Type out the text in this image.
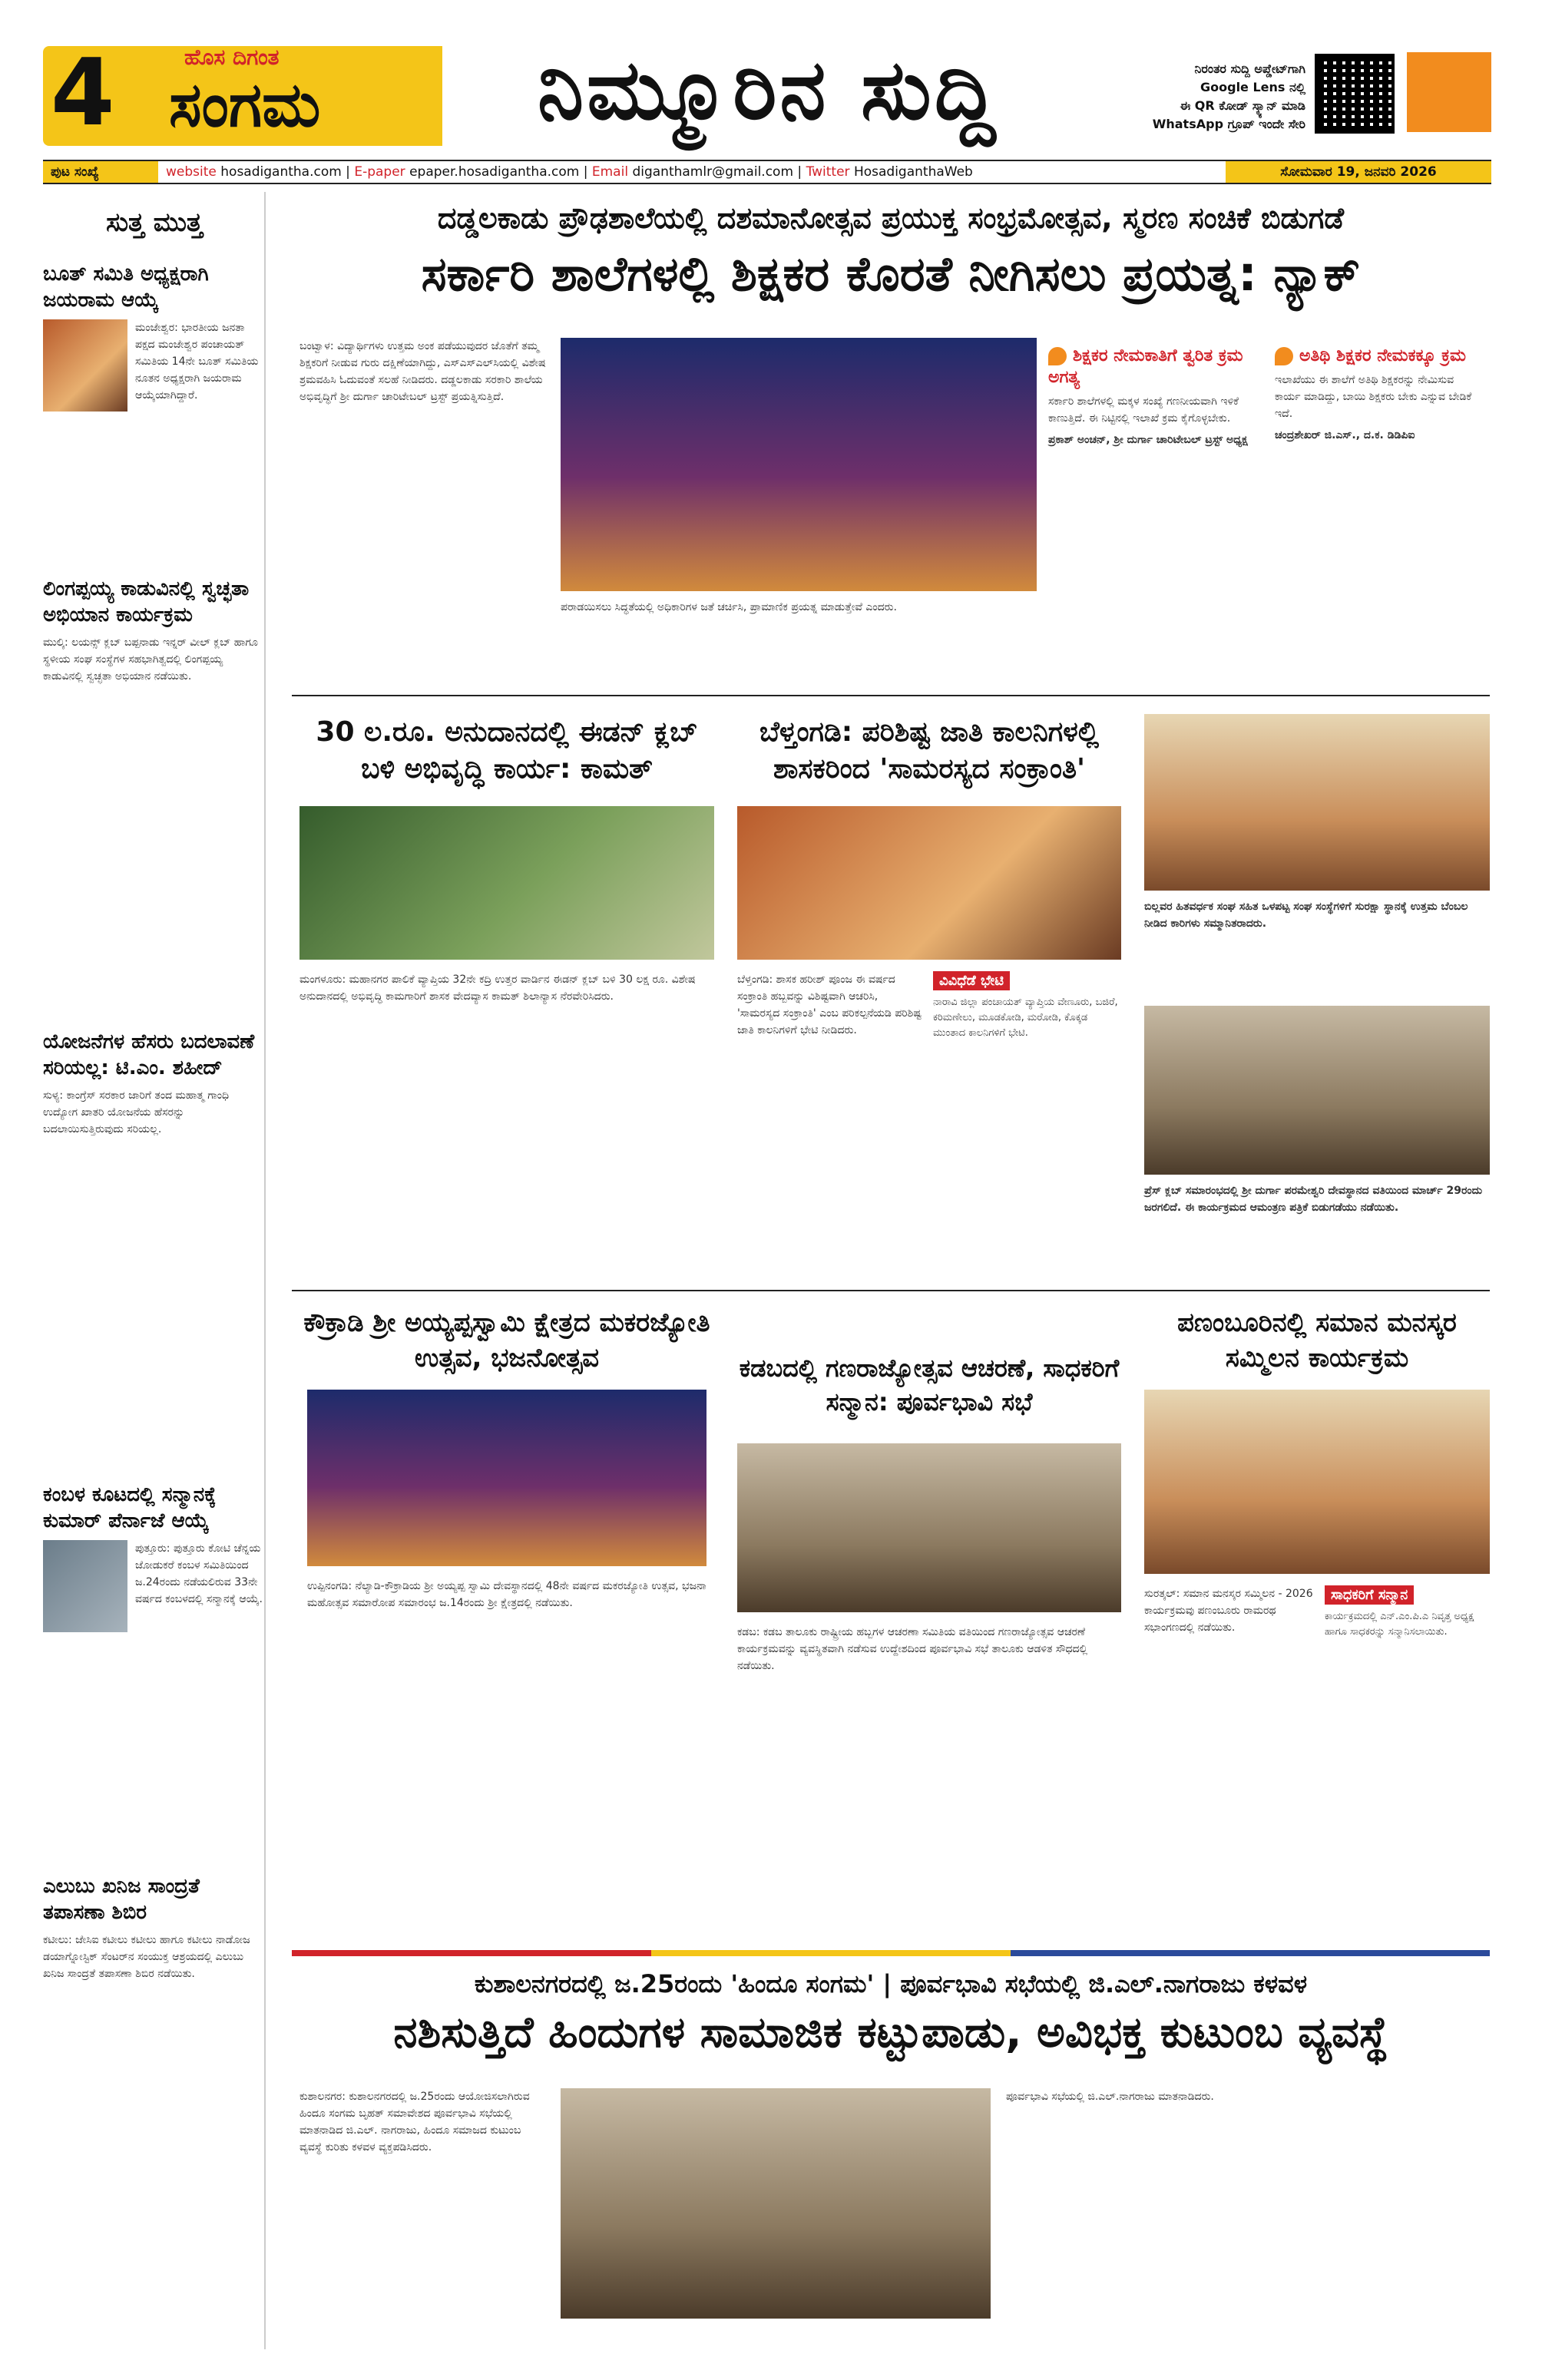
4	ಹೊಸ ದಿಗಂತ
ಸಂಗಮ	ನಿಮ್ಮೂರಿನ ಸುದ್ದಿ	ನಿರಂತರ ಸುದ್ದಿ ಅಪ್ಡೇಟ್‌ಗಾಗಿ
Google Lens ನಲ್ಲಿ
ಈ QR ಕೋಡ್ ಸ್ಕ್ಯಾನ್ ಮಾಡಿ
WhatsApp ಗ್ರೂಪ್ ಇಂದೇ ಸೇರಿ
ಪುಟ ಸಂಖ್ಯೆ	website hosadigantha.com | E-paper epaper.hosadigantha.com | Email diganthamlr@gmail.com | Twitter HosadiganthaWeb	ಸೋಮವಾರ 19, ಜನವರಿ 2026
ಸುತ್ತ ಮುತ್ತ
ಬೂತ್ ಸಮಿತಿ ಅಧ್ಯಕ್ಷರಾಗಿ ಜಯರಾಮ ಆಯ್ಕೆ

ಮಂಜೇಶ್ವರ: ಭಾರತೀಯ ಜನತಾ ಪಕ್ಷದ ಮಂಜೇಶ್ವರ ಪಂಚಾಯತ್ ಸಮಿತಿಯ 14ನೇ ಬೂತ್ ಸಮಿತಿಯ ನೂತನ ಅಧ್ಯಕ್ಷರಾಗಿ ಜಯರಾಮ ಆಯ್ಕೆಯಾಗಿದ್ದಾರೆ.

ಲಿಂಗಪ್ಪಯ್ಯ ಕಾಡುವಿನಲ್ಲಿ ಸ್ವಚ್ಛತಾ ಅಭಿಯಾನ ಕಾರ್ಯಕ್ರಮ

ಮುಲ್ಕಿ: ಲಯನ್ಸ್ ಕ್ಲಬ್ ಬಪ್ಪನಾಡು ಇನ್ನರ್ ವೀಲ್ ಕ್ಲಬ್ ಹಾಗೂ ಸ್ಥಳೀಯ ಸಂಘ ಸಂಸ್ಥೆಗಳ ಸಹಭಾಗಿತ್ವದಲ್ಲಿ ಲಿಂಗಪ್ಪಯ್ಯ ಕಾಡುವಿನಲ್ಲಿ ಸ್ವಚ್ಛತಾ ಅಭಿಯಾನ ನಡೆಯಿತು.

ಯೋಜನೆಗಳ ಹೆಸರು ಬದಲಾವಣೆ ಸರಿಯಲ್ಲ: ಟಿ.ಎಂ. ಶಹೀದ್

ಸುಳ್ಯ: ಕಾಂಗ್ರೆಸ್ ಸರಕಾರ ಜಾರಿಗೆ ತಂದ ಮಹಾತ್ಮ ಗಾಂಧಿ ಉದ್ಯೋಗ ಖಾತರಿ ಯೋಜನೆಯ ಹೆಸರನ್ನು ಬದಲಾಯಿಸುತ್ತಿರುವುದು ಸರಿಯಲ್ಲ.

ಕಂಬಳ ಕೂಟದಲ್ಲಿ ಸನ್ಮಾನಕ್ಕೆ ಕುಮಾರ್ ಪೆರ್ನಾಜೆ ಆಯ್ಕೆ

ಪುತ್ತೂರು: ಪುತ್ತೂರು ಕೋಟಿ ಚೆನ್ನಯ ಜೋಡುಕರೆ ಕಂಬಳ ಸಮಿತಿಯಿಂದ ಜ.24ರಂದು ನಡೆಯಲಿರುವ 33ನೇ ವರ್ಷದ ಕಂಬಳದಲ್ಲಿ ಸನ್ಮಾನಕ್ಕೆ ಆಯ್ಕೆ.

ಎಲುಬು ಖನಿಜ ಸಾಂದ್ರತೆ ತಪಾಸಣಾ ಶಿಬಿರ

ಕಟೀಲು: ಜೇಸಿಐ ಕಟೀಲು ಕಟೀಲು ಹಾಗೂ ಕಟೀಲು ನಾಡೋಜ ಡಯಾಗ್ನೋಸ್ಟಿಕ್ ಸೆಂಟರ್‌ನ ಸಂಯುಕ್ತ ಆಶ್ರಯದಲ್ಲಿ ಎಲುಬು ಖನಿಜ ಸಾಂದ್ರತೆ ತಪಾಸಣಾ ಶಿಬಿರ ನಡೆಯಿತು.

ದಡ್ಡಲಕಾಡು ಪ್ರೌಢಶಾಲೆಯಲ್ಲಿ ದಶಮಾನೋತ್ಸವ ಪ್ರಯುಕ್ತ ಸಂಭ್ರಮೋತ್ಸವ, ಸ್ಮರಣ ಸಂಚಿಕೆ ಬಿಡುಗಡೆ
ಸರ್ಕಾರಿ ಶಾಲೆಗಳಲ್ಲಿ ಶಿಕ್ಷಕರ ಕೊರತೆ ನೀಗಿಸಲು ಪ್ರಯತ್ನ: ನ್ಯಾಕ್
ಬಂಟ್ವಾಳ: ವಿದ್ಯಾರ್ಥಿಗಳು ಉತ್ತಮ ಅಂಕ ಪಡೆಯುವುದರ ಜೊತೆಗೆ ತಮ್ಮ ಶಿಕ್ಷಕರಿಗೆ ನೀಡುವ ಗುರು ದಕ್ಷಿಣೆಯಾಗಿದ್ದು, ಎಸ್ಎಸ್ಎಲ್‌ಸಿಯಲ್ಲಿ ವಿಶೇಷ ಶ್ರಮವಹಿಸಿ ಓದುವಂತೆ ಸಲಹೆ ನೀಡಿದರು. ದಡ್ಡಲಕಾಡು ಸರಕಾರಿ ಶಾಲೆಯ ಅಭಿವೃದ್ಧಿಗೆ ಶ್ರೀ ದುರ್ಗಾ ಚಾರಿಟೇಬಲ್ ಟ್ರಸ್ಟ್ ಪ್ರಯತ್ನಿಸುತ್ತಿದೆ.
ಪರಾಡಯಿಸಲು ಸಿದ್ಧತೆಯಲ್ಲಿ ಅಧಿಕಾರಿಗಳ ಜತೆ ಚರ್ಚಿಸಿ, ಪ್ರಾಮಾಣಿಕ ಪ್ರಯತ್ನ ಮಾಡುತ್ತೇವೆ ಎಂದರು.
ಶಿಕ್ಷಕರ ನೇಮಕಾತಿಗೆ ತ್ವರಿತ ಕ್ರಮ ಅಗತ್ಯ

ಸರ್ಕಾರಿ ಶಾಲೆಗಳಲ್ಲಿ ಮಕ್ಕಳ ಸಂಖ್ಯೆ ಗಣನೀಯವಾಗಿ ಇಳಿಕೆ ಕಾಣುತ್ತಿದೆ. ಈ ನಿಟ್ಟಿನಲ್ಲಿ ಇಲಾಖೆ ಕ್ರಮ ಕೈಗೊಳ್ಳಬೇಕು.

ಪ್ರಕಾಶ್ ಅಂಚನ್, ಶ್ರೀ ದುರ್ಗಾ ಚಾರಿಟೇಬಲ್ ಟ್ರಸ್ಟ್ ಅಧ್ಯಕ್ಷ

ಅತಿಥಿ ಶಿಕ್ಷಕರ ನೇಮಕಕ್ಕೂ ಕ್ರಮ

ಇಲಾಖೆಯು ಈ ಶಾಲೆಗೆ ಅತಿಥಿ ಶಿಕ್ಷಕರನ್ನು ನೇಮಿಸುವ ಕಾರ್ಯ ಮಾಡಿದ್ದು, ಬಾಯಿ ಶಿಕ್ಷಕರು ಬೇಕು ಎನ್ನುವ ಬೇಡಿಕೆ ಇದೆ.

ಚಂದ್ರಶೇಖರ್ ಜಿ.ಎಸ್., ದ.ಕ. ಡಿಡಿಪಿಐ

30 ಲ.ರೂ. ಅನುದಾನದಲ್ಲಿ ಈಡನ್ ಕ್ಲಬ್ ಬಳಿ ಅಭಿವೃದ್ಧಿ ಕಾರ್ಯ: ಕಾಮತ್
ಮಂಗಳೂರು: ಮಹಾನಗರ ಪಾಲಿಕೆ ವ್ಯಾಪ್ತಿಯ 32ನೇ ಕದ್ರಿ ಉತ್ತರ ವಾರ್ಡಿನ ಈಡನ್ ಕ್ಲಬ್ ಬಳಿ 30 ಲಕ್ಷ ರೂ. ವಿಶೇಷ ಅನುದಾನದಲ್ಲಿ ಅಭಿವೃದ್ಧಿ ಕಾಮಗಾರಿಗೆ ಶಾಸಕ ವೇದವ್ಯಾಸ ಕಾಮತ್ ಶಿಲಾನ್ಯಾಸ ನೆರವೇರಿಸಿದರು.
ಬೆಳ್ತಂಗಡಿ: ಪರಿಶಿಷ್ಟ ಜಾತಿ ಕಾಲನಿಗಳಲ್ಲಿ ಶಾಸಕರಿಂದ 'ಸಾಮರಸ್ಯದ ಸಂಕ್ರಾಂತಿ'
ಬೆಳ್ತಂಗಡಿ: ಶಾಸಕ ಹರೀಶ್ ಪೂಂಜ ಈ ವರ್ಷದ ಸಂಕ್ರಾಂತಿ ಹಬ್ಬವನ್ನು ವಿಶಿಷ್ಟವಾಗಿ ಆಚರಿಸಿ, 'ಸಾಮರಸ್ಯದ ಸಂಕ್ರಾಂತಿ' ಎಂಬ ಪರಿಕಲ್ಪನೆಯಡಿ ಪರಿಶಿಷ್ಟ ಜಾತಿ ಕಾಲನಿಗಳಿಗೆ ಭೇಟಿ ನೀಡಿದರು.
ವಿವಿಧೆಡೆ ಭೇಟಿ
ನಾರಾವಿ ಜಿಲ್ಲಾ ಪಂಚಾಯತ್ ವ್ಯಾಪ್ತಿಯ ವೇಣೂರು, ಬಜಿರೆ, ಕರಿಮಣೇಲು, ಮೂಡಕೋಡಿ, ಮರೋಡಿ, ಕೊಕ್ಕಡ ಮುಂತಾದ ಕಾಲನಿಗಳಿಗೆ ಭೇಟಿ.
ಬಿಲ್ಲವರ ಹಿತವರ್ಧಕ ಸಂಘ ಸಹಿತ ಒಳಪಟ್ಟ ಸಂಘ ಸಂಸ್ಥೆಗಳಿಗೆ ಸುರಕ್ಷಾ ಸ್ಥಾನಕ್ಕೆ ಉತ್ತಮ ಬೆಂಬಲ ನೀಡಿದ ಕಾರಿಗಳು ಸಮ್ಮಾನಿತರಾದರು.
ಪ್ರೆಸ್ ಕ್ಲಬ್ ಸಮಾರಂಭದಲ್ಲಿ ಶ್ರೀ ದುರ್ಗಾ ಪರಮೇಶ್ವರಿ ದೇವಸ್ಥಾನದ ವತಿಯಿಂದ ಮಾರ್ಚ್ 29ರಂದು ಜರಗಲಿದೆ. ಈ ಕಾರ್ಯಕ್ರಮದ ಆಮಂತ್ರಣ ಪತ್ರಿಕೆ ಬಿಡುಗಡೆಯು ನಡೆಯಿತು.
ಕೌಕ್ರಾಡಿ ಶ್ರೀ ಅಯ್ಯಪ್ಪಸ್ವಾಮಿ ಕ್ಷೇತ್ರದ ಮಕರಜ್ಯೋತಿ ಉತ್ಸವ, ಭಜನೋತ್ಸವ
ಉಪ್ಪಿನಂಗಡಿ: ನೆಲ್ಯಾಡಿ-ಕೌಕ್ರಾಡಿಯ ಶ್ರೀ ಅಯ್ಯಪ್ಪ ಸ್ವಾಮಿ ದೇವಸ್ಥಾನದಲ್ಲಿ 48ನೇ ವರ್ಷದ ಮಕರಜ್ಯೋತಿ ಉತ್ಸವ, ಭಜನಾ ಮಹೋತ್ಸವ ಸಮಾರೋಪ ಸಮಾರಂಭ ಜ.14ರಂದು ಶ್ರೀ ಕ್ಷೇತ್ರದಲ್ಲಿ ನಡೆಯಿತು.
ಕಡಬದಲ್ಲಿ ಗಣರಾಜ್ಯೋತ್ಸವ ಆಚರಣೆ, ಸಾಧಕರಿಗೆ ಸನ್ಮಾನ: ಪೂರ್ವಭಾವಿ ಸಭೆ
ಕಡಬ: ಕಡಬ ತಾಲೂಕು ರಾಷ್ಟ್ರೀಯ ಹಬ್ಬಗಳ ಆಚರಣಾ ಸಮಿತಿಯ ವತಿಯಿಂದ ಗಣರಾಜ್ಯೋತ್ಸವ ಆಚರಣೆ ಕಾರ್ಯಕ್ರಮವನ್ನು ವ್ಯವಸ್ಥಿತವಾಗಿ ನಡೆಸುವ ಉದ್ದೇಶದಿಂದ ಪೂರ್ವಭಾವಿ ಸಭೆ ತಾಲೂಕು ಆಡಳಿತ ಸೌಧದಲ್ಲಿ ನಡೆಯಿತು.
ಪಣಂಬೂರಿನಲ್ಲಿ ಸಮಾನ ಮನಸ್ಕರ ಸಮ್ಮಿಲನ ಕಾರ್ಯಕ್ರಮ
ಸುರತ್ಕಲ್: ಸಮಾನ ಮನಸ್ಕರ ಸಮ್ಮಿಲನ - 2026 ಕಾರ್ಯಕ್ರಮವು ಪಣಂಬೂರು ರಾಮರಥ ಸಭಾಂಗಣದಲ್ಲಿ ನಡೆಯಿತು.
ಸಾಧಕರಿಗೆ ಸನ್ಮಾನ
ಕಾರ್ಯಕ್ರಮದಲ್ಲಿ ಎನ್.ಎಂ.ಪಿ.ಎ ನಿವೃತ್ತ ಅಧ್ಯಕ್ಷ ಹಾಗೂ ಸಾಧಕರನ್ನು ಸನ್ಮಾನಿಸಲಾಯಿತು.
ಕುಶಾಲನಗರದಲ್ಲಿ ಜ.25ರಂದು 'ಹಿಂದೂ ಸಂಗಮ' | ಪೂರ್ವಭಾವಿ ಸಭೆಯಲ್ಲಿ ಜಿ.ಎಲ್.ನಾಗರಾಜು ಕಳವಳ
ನಶಿಸುತ್ತಿದೆ ಹಿಂದುಗಳ ಸಾಮಾಜಿಕ ಕಟ್ಟುಪಾಡು, ಅವಿಭಕ್ತ ಕುಟುಂಬ ವ್ಯವಸ್ಥೆ
ಕುಶಾಲನಗರ: ಕುಶಾಲನಗರದಲ್ಲಿ ಜ.25ರಂದು ಆಯೋಜಿಸಲಾಗಿರುವ ಹಿಂದೂ ಸಂಗಮ ಬೃಹತ್ ಸಮಾವೇಶದ ಪೂರ್ವಭಾವಿ ಸಭೆಯಲ್ಲಿ ಮಾತನಾಡಿದ ಜಿ.ಎಲ್. ನಾಗರಾಜು, ಹಿಂದೂ ಸಮಾಜದ ಕುಟುಂಬ ವ್ಯವಸ್ಥೆ ಕುರಿತು ಕಳವಳ ವ್ಯಕ್ತಪಡಿಸಿದರು.
ಪೂರ್ವಭಾವಿ ಸಭೆಯಲ್ಲಿ ಜಿ.ಎಲ್.ನಾಗರಾಜು ಮಾತನಾಡಿದರು.
